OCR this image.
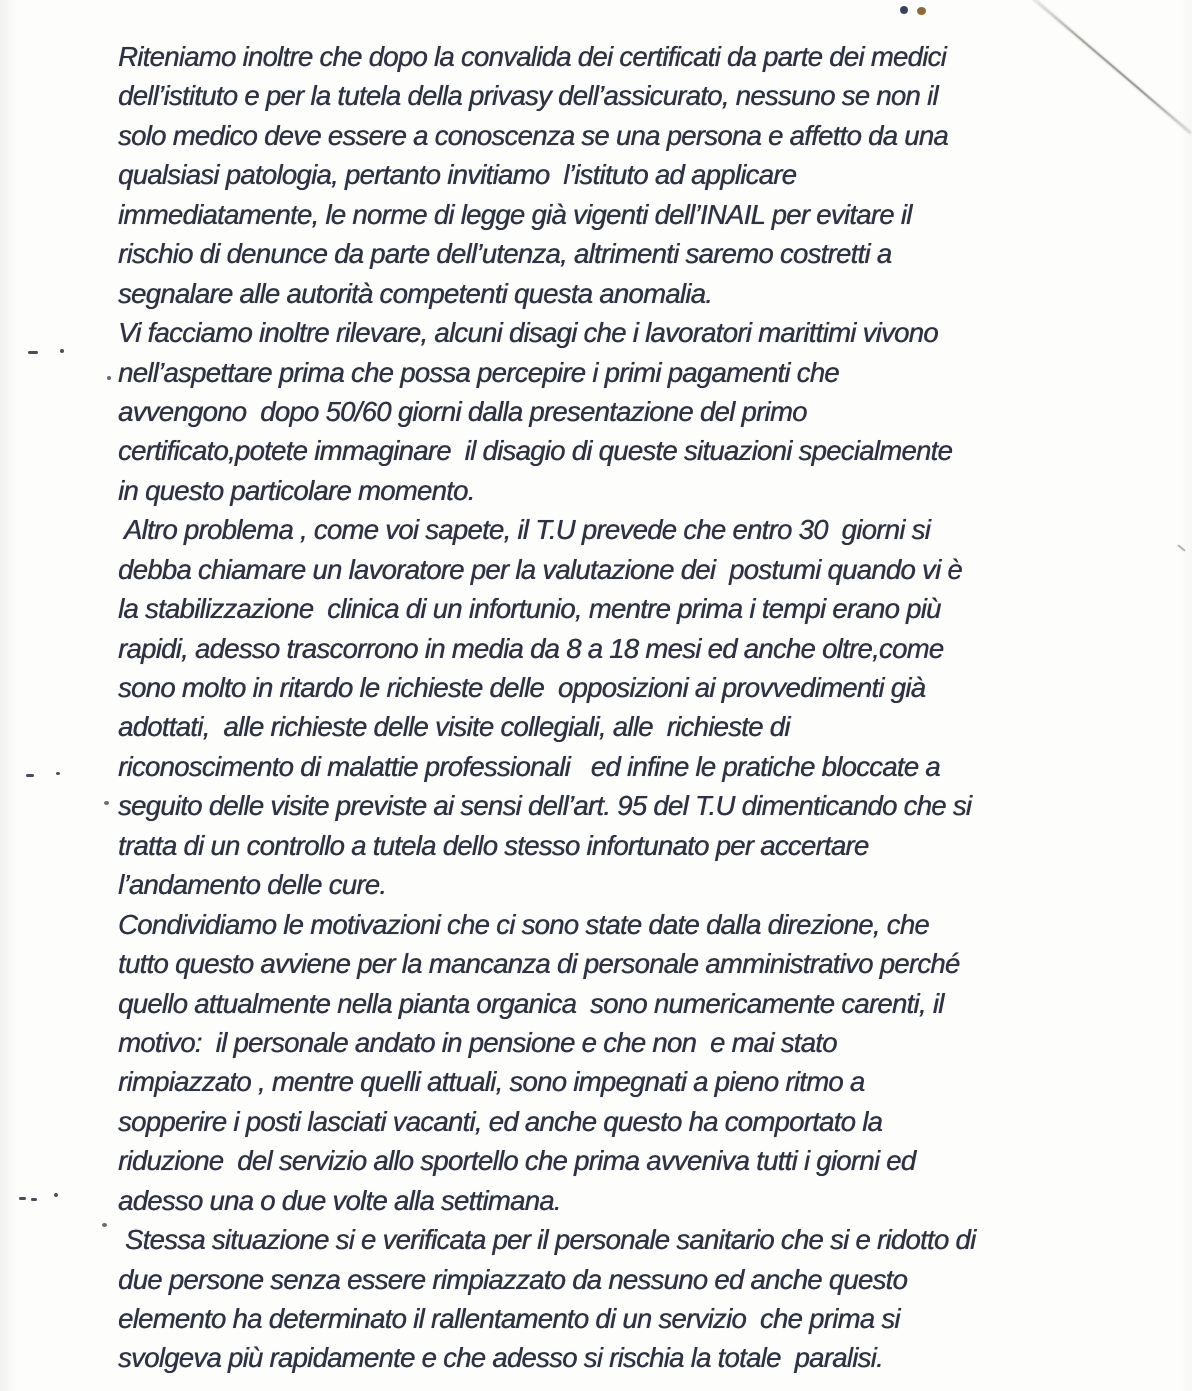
Riteniamo inoltre che dopo la convalida dei certificati da parte dei medici
dell’istituto e per la tutela della privasy dell’assicurato, nessuno se non il
solo medico deve essere a conoscenza se una persona e affetto da una
qualsiasi patologia, pertanto invitiamo  l’istituto ad applicare
immediatamente, le norme di legge già vigenti dell’INAIL per evitare il
rischio di denunce da parte dell’utenza, altrimenti saremo costretti a
segnalare alle autorità competenti questa anomalia.
Vi facciamo inoltre rilevare, alcuni disagi che i lavoratori marittimi vivono
nell’aspettare prima che possa percepire i primi pagamenti che
avvengono  dopo 50/60 giorni dalla presentazione del primo
certificato,potete immaginare  il disagio di queste situazioni specialmente
in questo particolare momento.
Altro problema , come voi sapete, il T.U prevede che entro 30  giorni si
debba chiamare un lavoratore per la valutazione dei  postumi quando vi è
la stabilizzazione  clinica di un infortunio, mentre prima i tempi erano più
rapidi, adesso trascorrono in media da 8 a 18 mesi ed anche oltre,come
sono molto in ritardo le richieste delle  opposizioni ai provvedimenti già
adottati,  alle richieste delle visite collegiali, alle  richieste di
riconoscimento di malattie professionali   ed infine le pratiche bloccate a
seguito delle visite previste ai sensi dell’art. 95 del T.U dimenticando che si
tratta di un controllo a tutela dello stesso infortunato per accertare
l’andamento delle cure.
Condividiamo le motivazioni che ci sono state date dalla direzione, che
tutto questo avviene per la mancanza di personale amministrativo perché
quello attualmente nella pianta organica  sono numericamente carenti, il
motivo:  il personale andato in pensione e che non  e mai stato
rimpiazzato , mentre quelli attuali, sono impegnati a pieno ritmo a
sopperire i posti lasciati vacanti, ed anche questo ha comportato la
riduzione  del servizio allo sportello che prima avveniva tutti i giorni ed
adesso una o due volte alla settimana.
Stessa situazione si e verificata per il personale sanitario che si e ridotto di
due persone senza essere rimpiazzato da nessuno ed anche questo
elemento ha determinato il rallentamento di un servizio  che prima si
svolgeva più rapidamente e che adesso si rischia la totale  paralisi.
